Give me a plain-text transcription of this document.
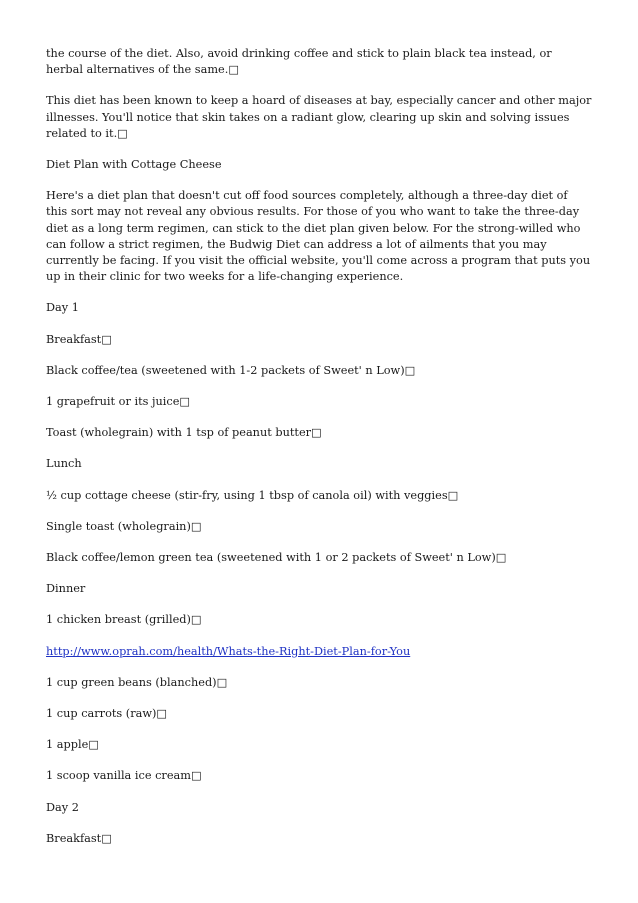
the course of the diet. Also, avoid drinking coffee and stick to plain black tea instead, or herbal alternatives of the same.□

This diet has been known to keep a hoard of diseases at bay, especially cancer and other major illnesses. You'll notice that skin takes on a radiant glow, clearing up skin and solving issues related to it.□

Diet Plan with Cottage Cheese

Here's a diet plan that doesn't cut off food sources completely, although a three-day diet of this sort may not reveal any obvious results. For those of you who want to take the three-day diet as a long term regimen, can stick to the diet plan given below. For the strong-willed who can follow a strict regimen, the Budwig Diet can address a lot of ailments that you may currently be facing. If you visit the official website, you'll come across a program that puts you up in their clinic for two weeks for a life-changing experience.

Day 1

Breakfast□

Black coffee/tea (sweetened with 1-2 packets of Sweet' n Low)□

1 grapefruit or its juice□

Toast (wholegrain) with 1 tsp of peanut butter□

Lunch

½ cup cottage cheese (stir-fry, using 1 tbsp of canola oil) with veggies□

Single toast (wholegrain)□

Black coffee/lemon green tea (sweetened with 1 or 2 packets of Sweet' n Low)□

Dinner

1 chicken breast (grilled)□

http://www.oprah.com/health/Whats-the-Right-Diet-Plan-for-You

1 cup green beans (blanched)□

1 cup carrots (raw)□

1 apple□

1 scoop vanilla ice cream□

Day 2

Breakfast□
